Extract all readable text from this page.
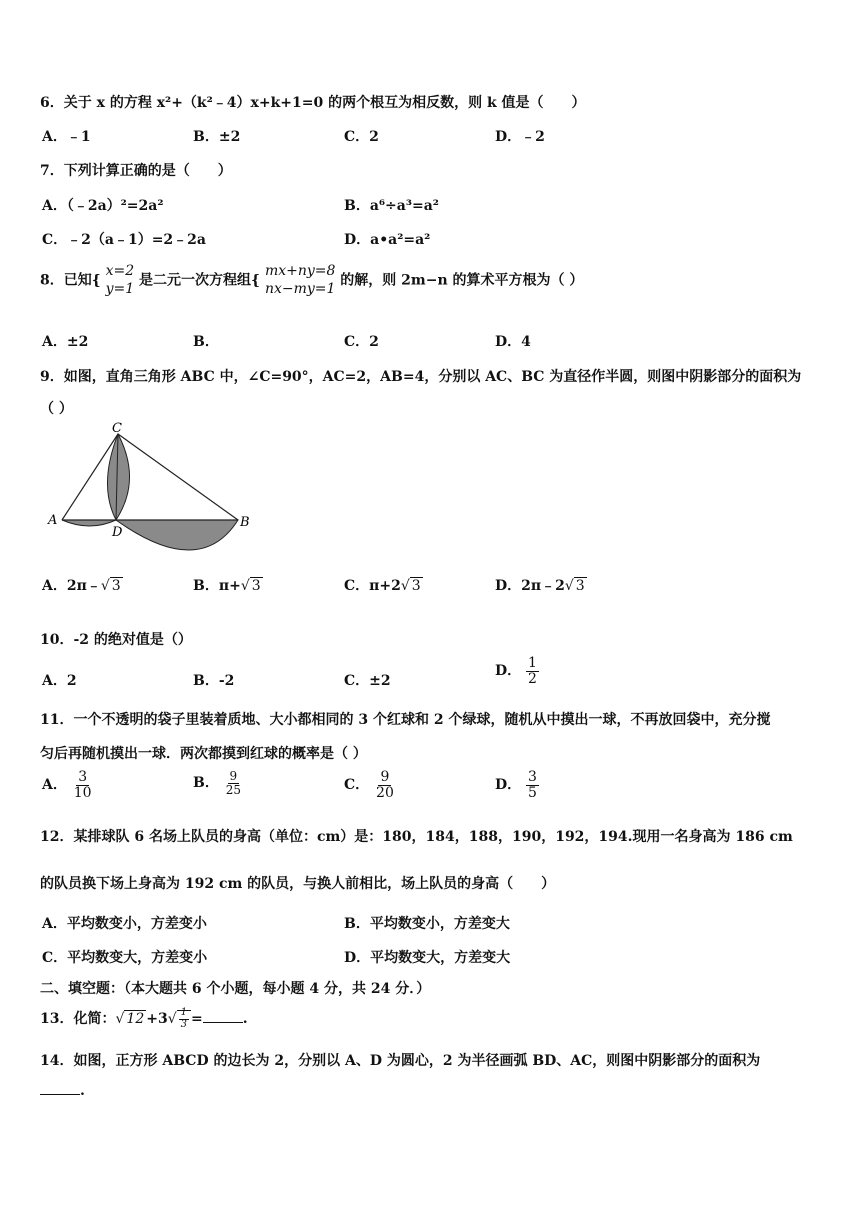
6．关于 x 的方程 x²+（k²﹣4）x+k+1=0 的两个根互为相反数，则 k 值是（　　）
A．﹣1	B．±2	C．2	D．﹣2
7．下列计算正确的是（　　）
A．（﹣2a）²=2a²	B．a⁶÷a³=a²
C．﹣2（a﹣1）=2﹣2a	D．a•a²=a²
8．已知{
x=2
y=1 是二元一次方程组{
mx+ny=8
nx−my=1 的解，则 2m−n 的算术平方根为（ ）
A．±2	B．	C．2	D．4
9．如图，直角三角形 ABC 中，∠C=90°，AC=2，AB=4，分别以 AC、BC 为直径作半圆，则图中阴影部分的面积为
（ ）
C
A
D
B
A．2π﹣√ 3	B．π+√ 3	C．π+2√ 3	D．2π﹣2√ 3
10．-2 的绝对值是（）
A．2	B．-2	C．±2
D． $\frac{1}{2}$
11．一个不透明的袋子里装着质地、大小都相同的 3 个红球和 2 个绿球，随机从中摸出一球，不再放回袋中，充分搅
匀后再随机摸出一球．两次都摸到红球的概率是（ ）
A． $\frac{3}{10}$	B． $\frac{9}{25}$	C． $\frac{9}{20}$	D． $\frac{3}{5}$
12．某排球队 6 名场上队员的身高（单位：cm）是：180，184，188，190，192，194.现用一名身高为 186 cm
的队员换下场上身高为 192 cm 的队员，与换人前相比，场上队员的身高（　　）
A．平均数变小，方差变小	B．平均数变小，方差变大
C．平均数变大，方差变小	D．平均数变大，方差变大
二、填空题：（本大题共 6 个小题，每小题 4 分，共 24 分．）
13．化简：√ $12 +3√ \frac{1}{3}$ =	.
14．如图，正方形 ABCD 的边长为 2，分别以 A、D 为圆心，2 为半径画弧 BD、AC，则图中阴影部分的面积为
.
